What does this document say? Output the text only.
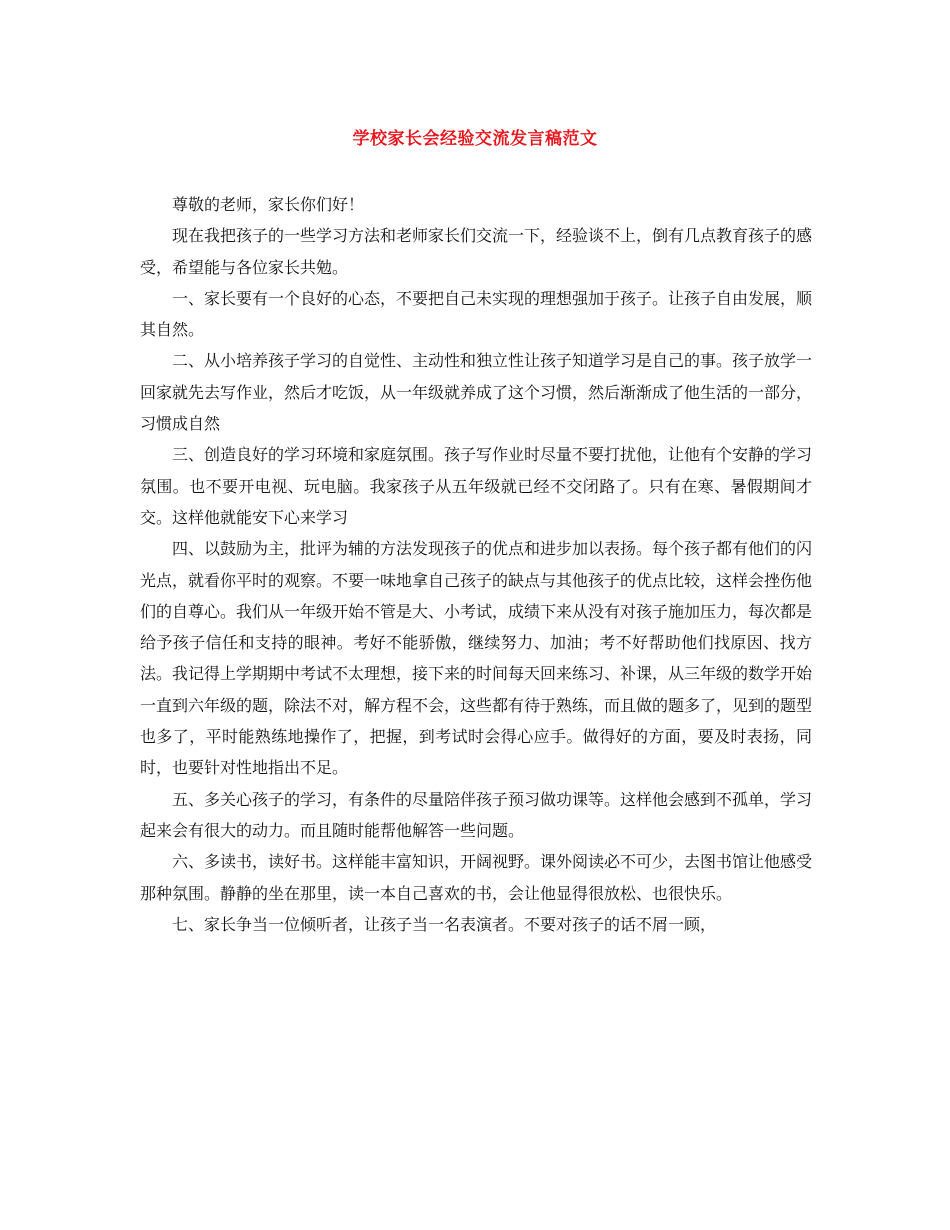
学校家长会经验交流发言稿范文

尊敬的老师，家长你们好！

现在我把孩子的一些学习方法和老师家长们交流一下，经验谈不上，倒有几点教育孩子的感受，希望能与各位家长共勉。

一、家长要有一个良好的心态，不要把自己未实现的理想强加于孩子。让孩子自由发展，顺其自然。

二、从小培养孩子学习的自觉性、主动性和独立性让孩子知道学习是自己的事。孩子放学一回家就先去写作业，然后才吃饭，从一年级就养成了这个习惯，然后渐渐成了他生活的一部分，习惯成自然

三、创造良好的学习环境和家庭氛围。孩子写作业时尽量不要打扰他，让他有个安静的学习氛围。也不要开电视、玩电脑。我家孩子从五年级就已经不交闭路了。只有在寒、暑假期间才交。这样他就能安下心来学习

四、以鼓励为主，批评为辅的方法发现孩子的优点和进步加以表扬。每个孩子都有他们的闪光点，就看你平时的观察。不要一味地拿自己孩子的缺点与其他孩子的优点比较，这样会挫伤他们的自尊心。我们从一年级开始不管是大、小考试，成绩下来从没有对孩子施加压力，每次都是给予孩子信任和支持的眼神。考好不能骄傲，继续努力、加油；考不好帮助他们找原因、找方法。我记得上学期期中考试不太理想，接下来的时间每天回来练习、补课，从三年级的数学开始一直到六年级的题，除法不对，解方程不会，这些都有待于熟练，而且做的题多了，见到的题型也多了，平时能熟练地操作了，把握，到考试时会得心应手。做得好的方面，要及时表扬，同时，也要针对性地指出不足。

五、多关心孩子的学习，有条件的尽量陪伴孩子预习做功课等。这样他会感到不孤单，学习起来会有很大的动力。而且随时能帮他解答一些问题。

六、多读书，读好书。这样能丰富知识，开阔视野。课外阅读必不可少，去图书馆让他感受那种氛围。静静的坐在那里，读一本自己喜欢的书，会让他显得很放松、也很快乐。

七、家长争当一位倾听者，让孩子当一名表演者。不要对孩子的话不屑一顾，
